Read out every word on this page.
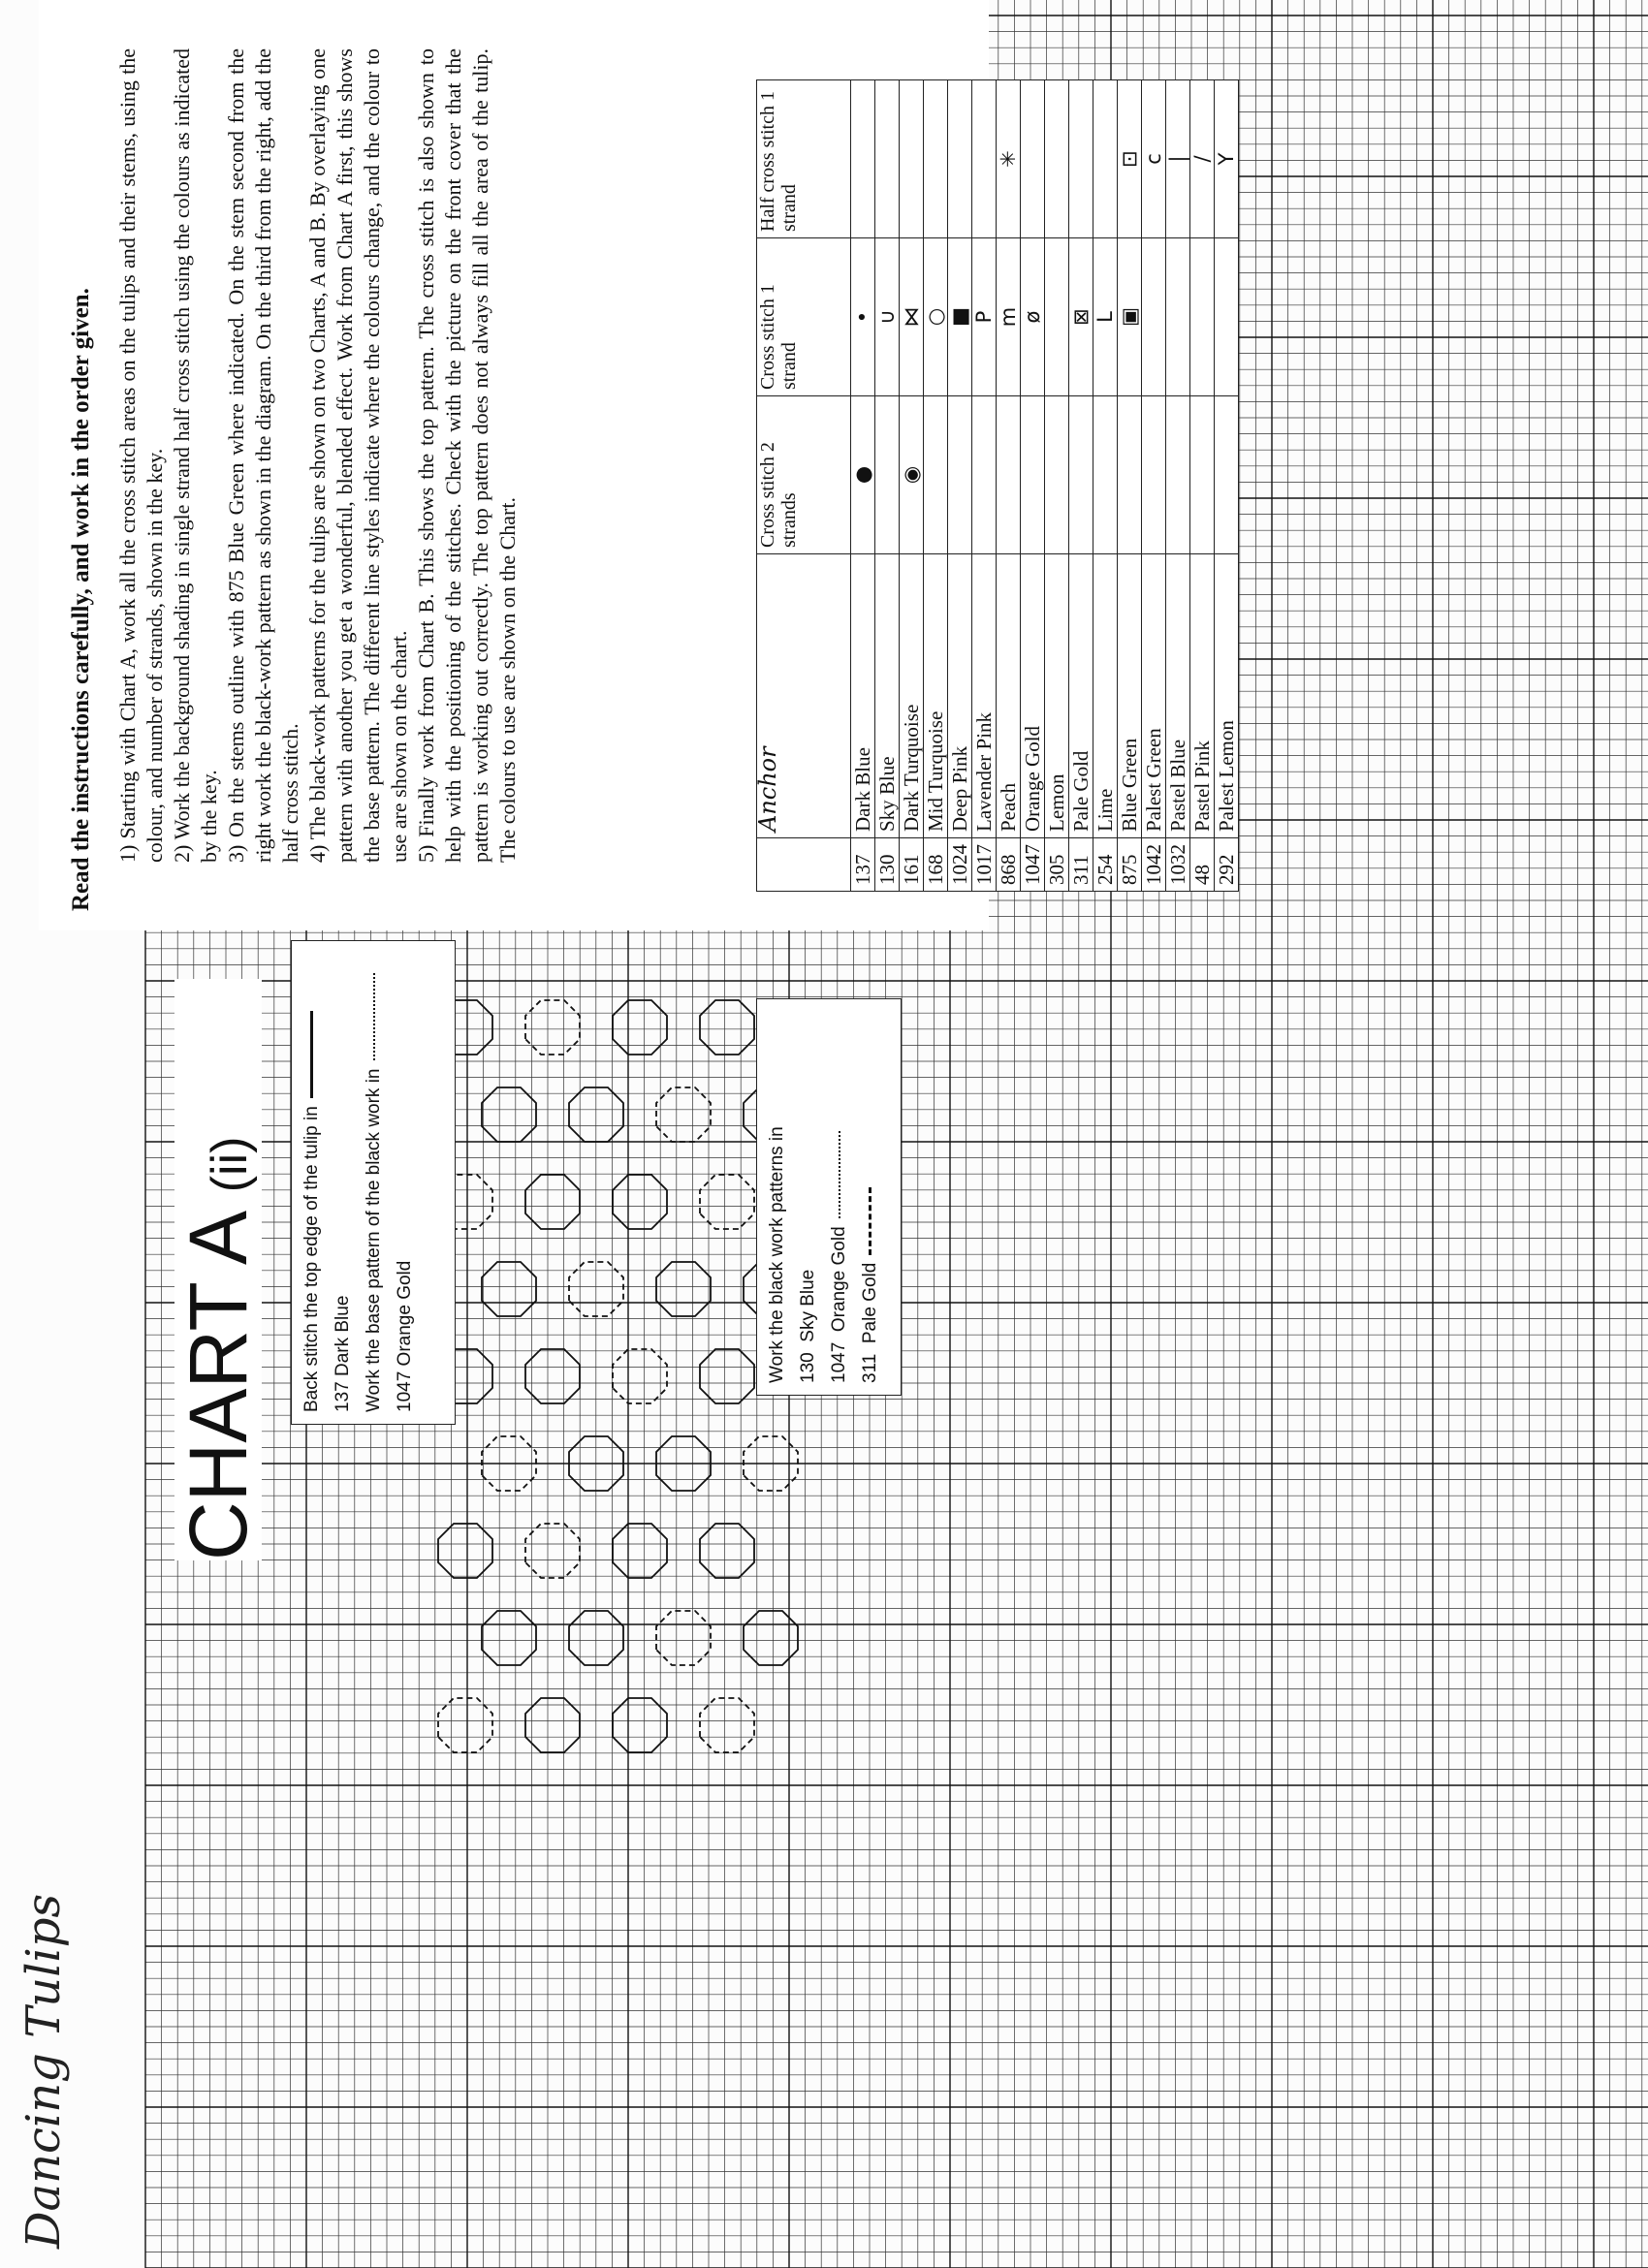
Dancing Tulips
CHART A (ii) Back stitch the top edge of the tulip in 137 Dark Blue Work the base pattern of the black work in 1047 Orange Gold	Work the black work patterns in 130  Sky Blue

1047  Orange Gold

311  Pale Gold

Read the instructions carefully, and work in the order given. 1) Starting with Chart A, work all the cross stitch areas on the tulips and their stems, using the colour, and number of strands, shown in the key. 2) Work the background shading in single strand half cross stitch using the colours as indicated by the key. 3) On the stems outline with 875 Blue Green where indicated. On the stem second from the right work the black-work pattern as shown in the diagram. On the third from the right, add the half cross stitch. 4) The black-work patterns for the tulips are shown on two Charts, A and B. By overlaying one pattern with another you get a wonderful, blended effect. Work from Chart A first, this shows the base pattern. The different line styles indicate where the colours change, and the colour to use are shown on the chart. 5) Finally work from Chart B. This shows the top pattern. The cross stitch is also shown to help with the positioning of the stitches. Check with the picture on the front cover that the pattern is working out correctly. The top pattern does not always fill all the area of the tulip. The colours to use are shown on the Chart.
		Anchor	Cross stitch 2 strands	Cross stitch 1 strand	Half cross stitch 1 strand
137	Dark Blue	●	•	
130	Sky Blue		∪	
161	Dark Turquoise	◉	⋈	
168	Mid Turquoise		○	
1024	Deep Pink		■	
1017	Lavender Pink		P	
868	Peach		m	✳
1047	Orange Gold		ø	
305	Lemon			
311	Pale Gold		⊠	
254	Lime		L	
875	Blue Green		▣	⊡
1042	Palest Green			c
1032	Pastel Blue			|
48	Pastel Pink			/
292	Palest Lemon			Y
